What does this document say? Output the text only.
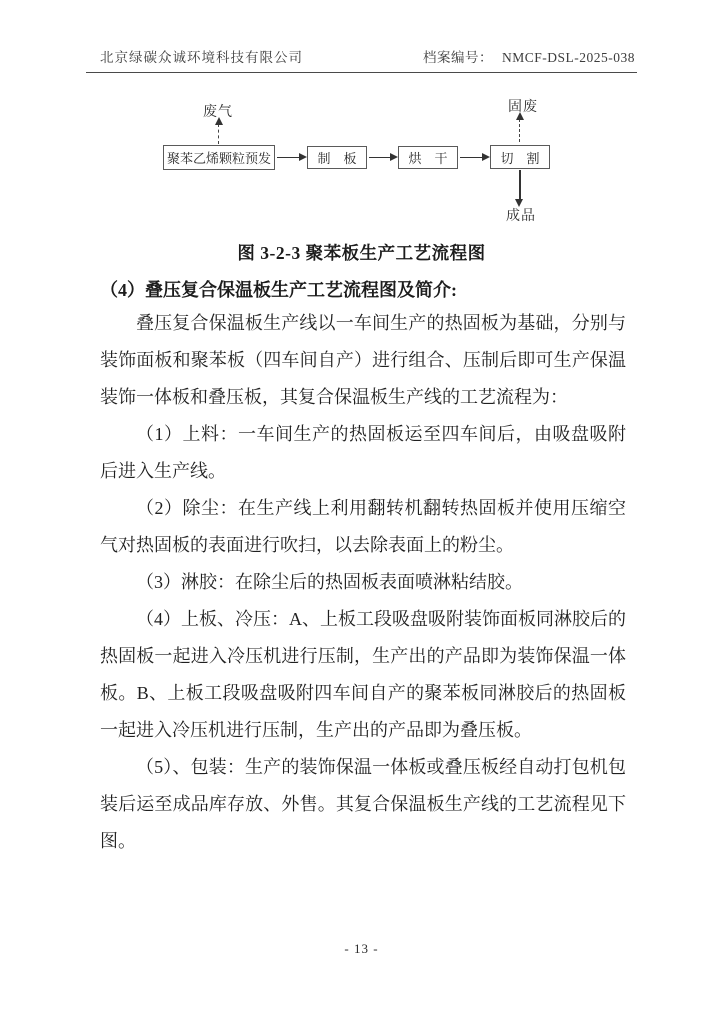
北京绿碳众诚环境科技有限公司	档案编号： NMCF-DSL-2025-038
废气
聚苯乙烯颗粒预发	制　板	烘　干	切　割
固废
成品
图 3-2-3 聚苯板生产工艺流程图
（4）叠压复合保温板生产工艺流程图及简介:

叠压复合保温板生产线以一车间生产的热固板为基础，分别与装饰面板和聚苯板（四车间自产）进行组合、压制后即可生产保温装饰一体板和叠压板，其复合保温板生产线的工艺流程为：

（1）上料：一车间生产的热固板运至四车间后，由吸盘吸附后进入生产线。

（2）除尘：在生产线上利用翻转机翻转热固板并使用压缩空气对热固板的表面进行吹扫，以去除表面上的粉尘。

（3）淋胶：在除尘后的热固板表面喷淋粘结胶。

（4）上板、冷压：A、上板工段吸盘吸附装饰面板同淋胶后的热固板一起进入冷压机进行压制，生产出的产品即为装饰保温一体板。B、上板工段吸盘吸附四车间自产的聚苯板同淋胶后的热固板一起进入冷压机进行压制，生产出的产品即为叠压板。

（5）、包装：生产的装饰保温一体板或叠压板经自动打包机包装后运至成品库存放、外售。其复合保温板生产线的工艺流程见下图。

- 13 -
